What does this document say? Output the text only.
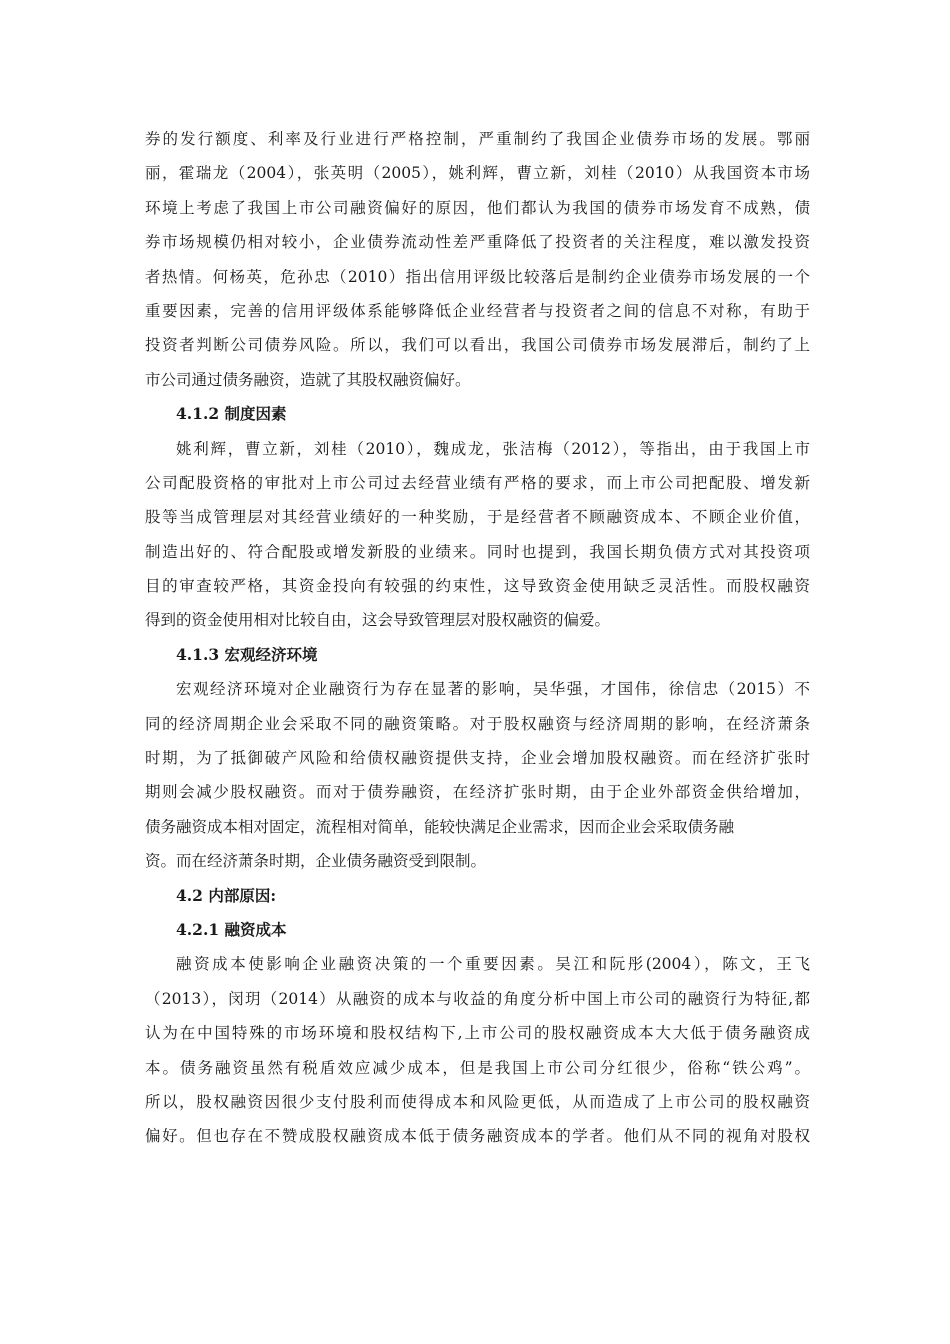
券的发行额度、利率及行业进行严格控制，严重制约了我国企业债券市场的发展。鄂丽
丽，霍瑞龙（2004），张英明（2005），姚利辉，曹立新，刘桂（2010）从我国资本市场
环境上考虑了我国上市公司融资偏好的原因，他们都认为我国的债券市场发育不成熟，债
券市场规模仍相对较小，企业债券流动性差严重降低了投资者的关注程度，难以激发投资
者热情。何杨英，危孙忠（2010）指出信用评级比较落后是制约企业债券市场发展的一个
重要因素，完善的信用评级体系能够降低企业经营者与投资者之间的信息不对称，有助于
投资者判断公司债券风险。所以，我们可以看出，我国公司债券市场发展滞后，制约了上
市公司通过债务融资，造就了其股权融资偏好。
4.1.2 制度因素
姚利辉，曹立新，刘桂（2010），魏成龙，张洁梅（2012），等指出，由于我国上市
公司配股资格的审批对上市公司过去经营业绩有严格的要求，而上市公司把配股、增发新
股等当成管理层对其经营业绩好的一种奖励，于是经营者不顾融资成本、不顾企业价值，
制造出好的、符合配股或增发新股的业绩来。同时也提到，我国长期负债方式对其投资项
目的审查较严格，其资金投向有较强的约束性，这导致资金使用缺乏灵活性。而股权融资
得到的资金使用相对比较自由，这会导致管理层对股权融资的偏爱。
4.1.3 宏观经济环境
宏观经济环境对企业融资行为存在显著的影响，吴华强，才国伟，徐信忠（2015）不
同的经济周期企业会采取不同的融资策略。对于股权融资与经济周期的影响，在经济萧条
时期，为了抵御破产风险和给债权融资提供支持，企业会增加股权融资。而在经济扩张时
期则会减少股权融资。而对于债券融资，在经济扩张时期，由于企业外部资金供给增加，
债务融资成本相对固定，流程相对简单，能较快满足企业需求，因而企业会采取债务融
资。而在经济萧条时期，企业债务融资受到限制。
4.2 内部原因:
4.2.1 融资成本
融资成本使影响企业融资决策的一个重要因素。吴江和阮彤(2004），陈文，王飞
（2013），闵玥（2014）从融资的成本与收益的角度分析中国上市公司的融资行为特征,都
认为在中国特殊的市场环境和股权结构下,上市公司的股权融资成本大大低于债务融资成
本。债务融资虽然有税盾效应减少成本，但是我国上市公司分红很少，俗称“铁公鸡”。
所以，股权融资因很少支付股利而使得成本和风险更低，从而造成了上市公司的股权融资
偏好。但也存在不赞成股权融资成本低于债务融资成本的学者。他们从不同的视角对股权
